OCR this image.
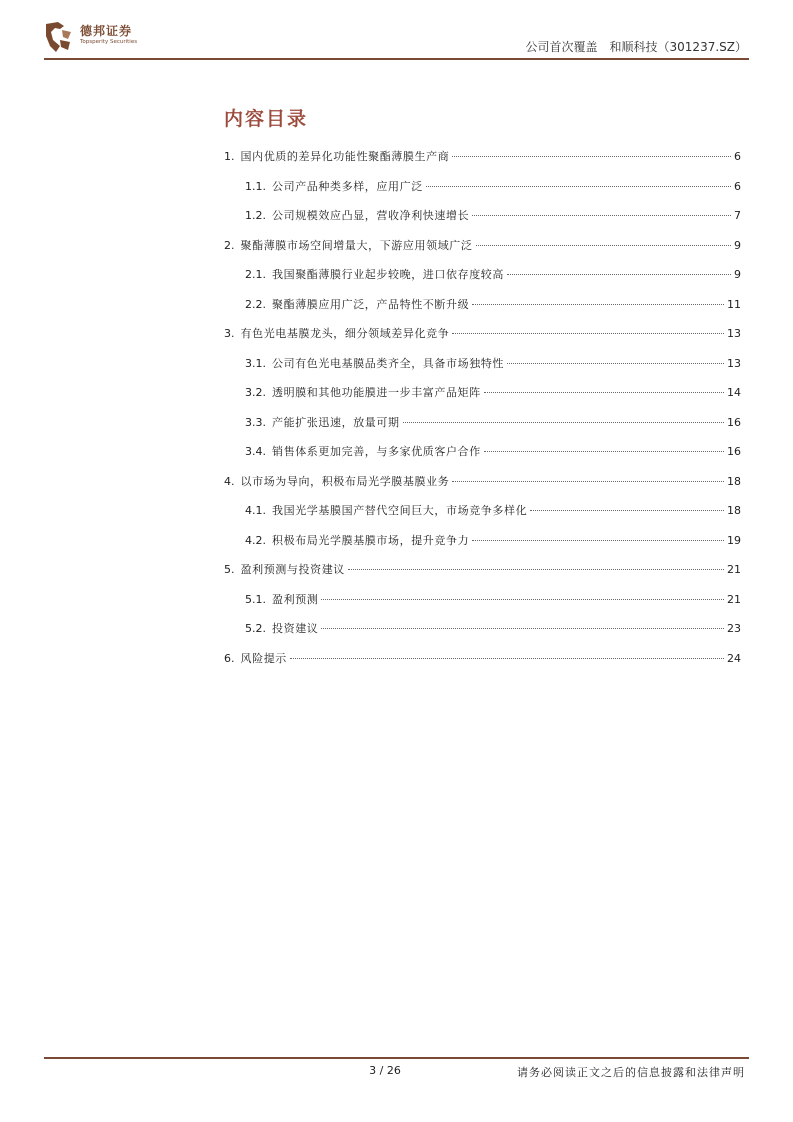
德邦证券
Topsperity Securities	公司首次覆盖　和顺科技（301237.SZ）
内容目录
1. 国内优质的差异化功能性聚酯薄膜生产商	6
1.1. 公司产品种类多样，应用广泛	6
1.2. 公司规模效应凸显，营收净利快速增长	7
2. 聚酯薄膜市场空间增量大，下游应用领域广泛	9
2.1. 我国聚酯薄膜行业起步较晚，进口依存度较高	9
2.2. 聚酯薄膜应用广泛，产品特性不断升级	11
3. 有色光电基膜龙头，细分领域差异化竞争	13
3.1. 公司有色光电基膜品类齐全，具备市场独特性	13
3.2. 透明膜和其他功能膜进一步丰富产品矩阵	14
3.3. 产能扩张迅速，放量可期	16
3.4. 销售体系更加完善，与多家优质客户合作	16
4. 以市场为导向，积极布局光学膜基膜业务	18
4.1. 我国光学基膜国产替代空间巨大，市场竞争多样化	18
4.2. 积极布局光学膜基膜市场，提升竞争力	19
5. 盈利预测与投资建议	21
5.1. 盈利预测	21
5.2. 投资建议	23
6. 风险提示	24
3 / 26	请务必阅读正文之后的信息披露和法律声明
